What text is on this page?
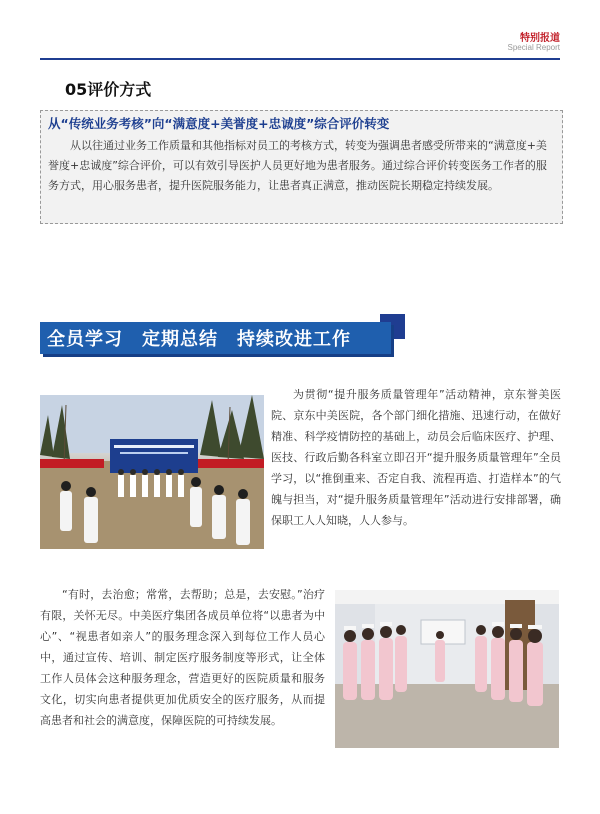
特别报道
Special Report
05评价方式
从“传统业务考核”向“满意度+美誉度+忠诚度”综合评价转变

从以往通过业务工作质量和其他指标对员工的考核方式，转变为强调患者感受所带来的“满意度+美誉度+忠诚度”综合评价，可以有效引导医护人员更好地为患者服务。通过综合评价转变医务工作者的服务方式，用心服务患者，提升医院服务能力，让患者真正满意，推动医院长期稳定持续发展。

全员学习　定期总结　持续改进工作

为贯彻“提升服务质量管理年”活动精神，京东誉美医院、京东中美医院，各个部门细化措施、迅速行动，在做好精准、科学疫情防控的基础上，动员会后临床医疗、护理、医技、行政后勤各科室立即召开“提升服务质量管理年”全员学习，以“推倒重来、否定自我、流程再造、打造样本”的气魄与担当，对“提升服务质量管理年”活动进行安排部署，确保职工人人知晓，人人参与。

“有时，去治愈；常常，去帮助；总是，去安慰。”治疗有限，关怀无尽。中美医疗集团各成员单位将“以患者为中心”、“视患者如亲人”的服务理念深入到每位工作人员心中，通过宣传、培训、制定医疗服务制度等形式，让全体工作人员体会这种服务理念，营造更好的医院质量和服务文化，切实向患者提供更加优质安全的医疗服务，从而提高患者和社会的满意度，保障医院的可持续发展。
